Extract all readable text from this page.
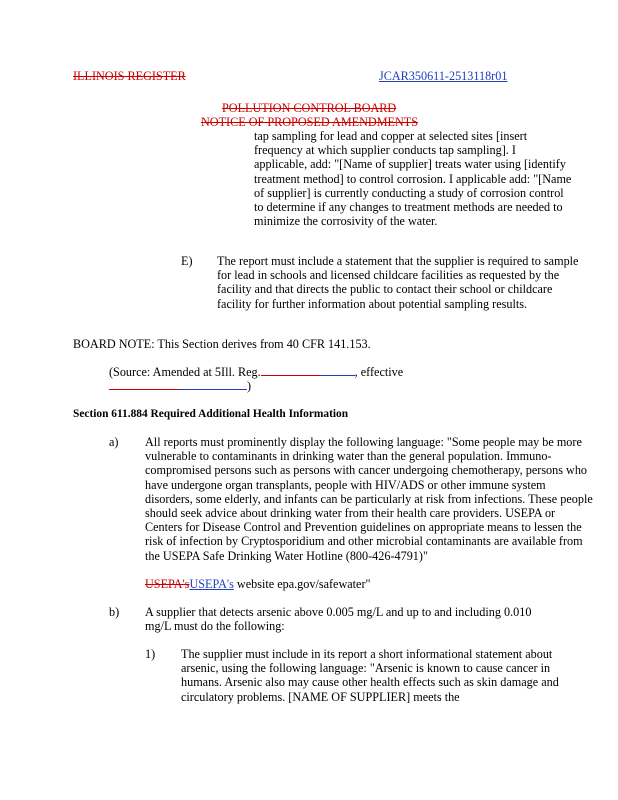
ILLINOIS REGISTER	JCAR350611-2513118r01
POLLUTION CONTROL BOARD
NOTICE OF PROPOSED AMENDMENTS

tap sampling for lead and copper at selected sites [insert frequency at which supplier conducts tap sampling]. I applicable, add: "[Name of supplier] treats water using [identify treatment method] to control corrosion. I applicable add: "[Name of supplier] is currently conducting a study of corrosion control to determine if any changes to treatment methods are needed to minimize the corrosivity of the water.

E) The report must include a statement that the supplier is required to sample for lead in schools and licensed childcare facilities as requested by the facility and that directs the public to contact their school or childcare facility for further information about potential sampling results.

BOARD NOTE: This Section derives from 40 CFR 141.153.
(Source: Amended at 5Ill. Reg.	, effective
)
Section 611.884 Required Additional Health Information
a) All reports must prominently display the following language: "Some people may be more vulnerable to contaminants in drinking water than the general population. Immuno-compromised persons such as persons with cancer undergoing chemotherapy, persons who have undergone organ transplants, people with HIV/ADS or other immune system disorders, some elderly, and infants can be particularly at risk from infections. These people should seek advice about drinking water from their health care providers. USEPA or Centers for Disease Control and Prevention guidelines on appropriate means to lessen the risk of infection by Cryptosporidium and other microbial contaminants are available from the USEPA Safe Drinking Water Hotline (800-426-4791)"

USEPA'sUSEPA's website epa.gov/safewater"
b) A supplier that detects arsenic above 0.005 mg/L and up to and including 0.010 mg/L must do the following:

1) The supplier must include in its report a short informational statement about arsenic, using the following language: "Arsenic is known to cause cancer in humans. Arsenic also may cause other health effects such as skin damage and circulatory problems. [NAME OF SUPPLIER] meets the
